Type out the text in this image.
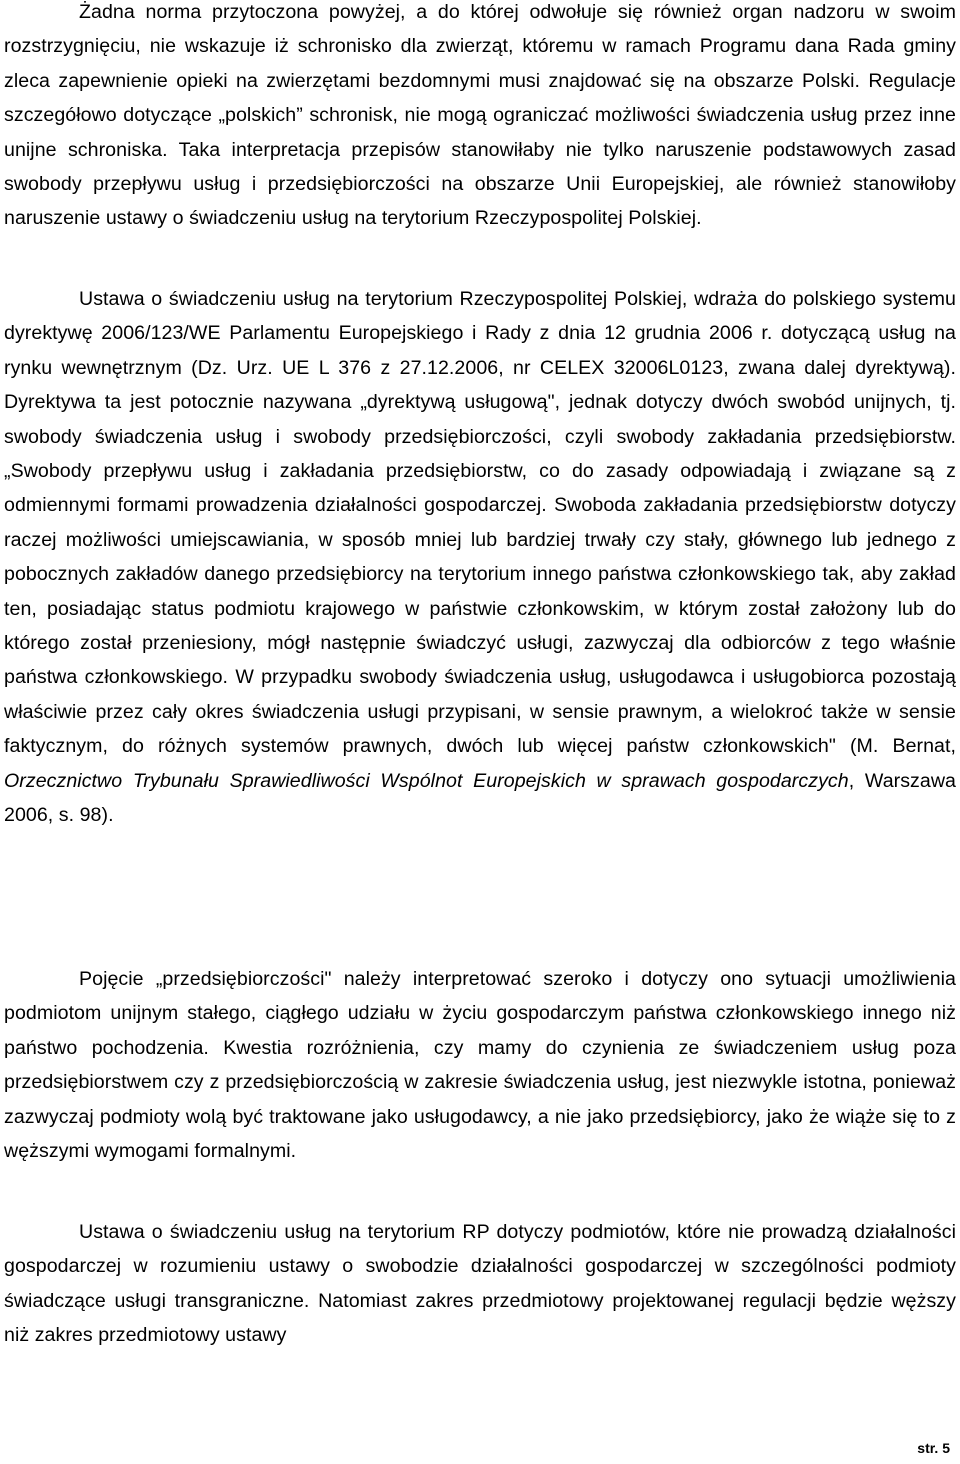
Żadna norma przytoczona powyżej, a do której odwołuje się również organ nadzoru w swoim rozstrzygnięciu, nie wskazuje iż schronisko dla zwierząt, któremu w ramach Programu dana Rada gminy zleca zapewnienie opieki na zwierzętami bezdomnymi musi znajdować się na obszarze Polski. Regulacje szczegółowo dotyczące „polskich” schronisk, nie mogą ograniczać możliwości świadczenia usług przez inne unijne schroniska. Taka interpretacja przepisów stanowiłaby nie tylko naruszenie podstawowych zasad swobody przepływu usług i przedsiębiorczości na obszarze Unii Europejskiej, ale również stanowiłoby naruszenie ustawy o świadczeniu usług na terytorium Rzeczypospolitej Polskiej.

Ustawa o świadczeniu usług na terytorium Rzeczypospolitej Polskiej, wdraża do polskiego systemu dyrektywę 2006/123/WE Parlamentu Europejskiego i Rady z dnia 12 grudnia 2006 r. dotyczącą usług na rynku wewnętrznym (Dz. Urz. UE L 376 z 27.12.2006, nr CELEX 32006L0123, zwana dalej dyrektywą). Dyrektywa ta jest potocznie nazywana „dyrektywą usługową", jednak dotyczy dwóch swobód unijnych, tj. swobody świadczenia usług i swobody przedsiębiorczości, czyli swobody zakładania przedsiębiorstw. „Swobody przepływu usług i zakładania przedsiębiorstw, co do zasady odpowiadają i związane są z odmiennymi formami prowadzenia działalności gospodarczej. Swoboda zakładania przedsiębiorstw dotyczy raczej możliwości umiejscawiania, w sposób mniej lub bardziej trwały czy stały, głównego lub jednego z pobocznych zakładów danego przedsiębiorcy na terytorium innego państwa członkowskiego tak, aby zakład ten, posiadając status podmiotu krajowego w państwie członkowskim, w którym został założony lub do którego został przeniesiony, mógł następnie świadczyć usługi, zazwyczaj dla odbiorców z tego właśnie państwa członkowskiego. W przypadku swobody świadczenia usług, usługodawca i usługobiorca pozostają właściwie przez cały okres świadczenia usługi przypisani, w sensie prawnym, a wielokroć także w sensie faktycznym, do różnych systemów prawnych, dwóch lub więcej państw członkowskich" (M. Bernat, Orzecznictwo Trybunału Sprawiedliwości Wspólnot Europejskich w sprawach gospodarczych, Warszawa 2006, s. 98).

Pojęcie „przedsiębiorczości" należy interpretować szeroko i dotyczy ono sytuacji umożliwienia podmiotom unijnym stałego, ciągłego udziału w życiu gospodarczym państwa członkowskiego innego niż państwo pochodzenia. Kwestia rozróżnienia, czy mamy do czynienia ze świadczeniem usług poza przedsiębiorstwem czy z przedsiębiorczością w zakresie świadczenia usług, jest niezwykle istotna, ponieważ zazwyczaj podmioty wolą być traktowane jako usługodawcy, a nie jako przedsiębiorcy, jako że wiąże się to z węższymi wymogami formalnymi.

Ustawa o świadczeniu usług na terytorium RP dotyczy podmiotów, które nie prowadzą działalności gospodarczej w rozumieniu ustawy o swobodzie działalności gospodarczej w szczególności podmioty świadczące usługi transgraniczne. Natomiast zakres przedmiotowy projektowanej regulacji będzie węższy niż zakres przedmiotowy ustawy

str. 5
